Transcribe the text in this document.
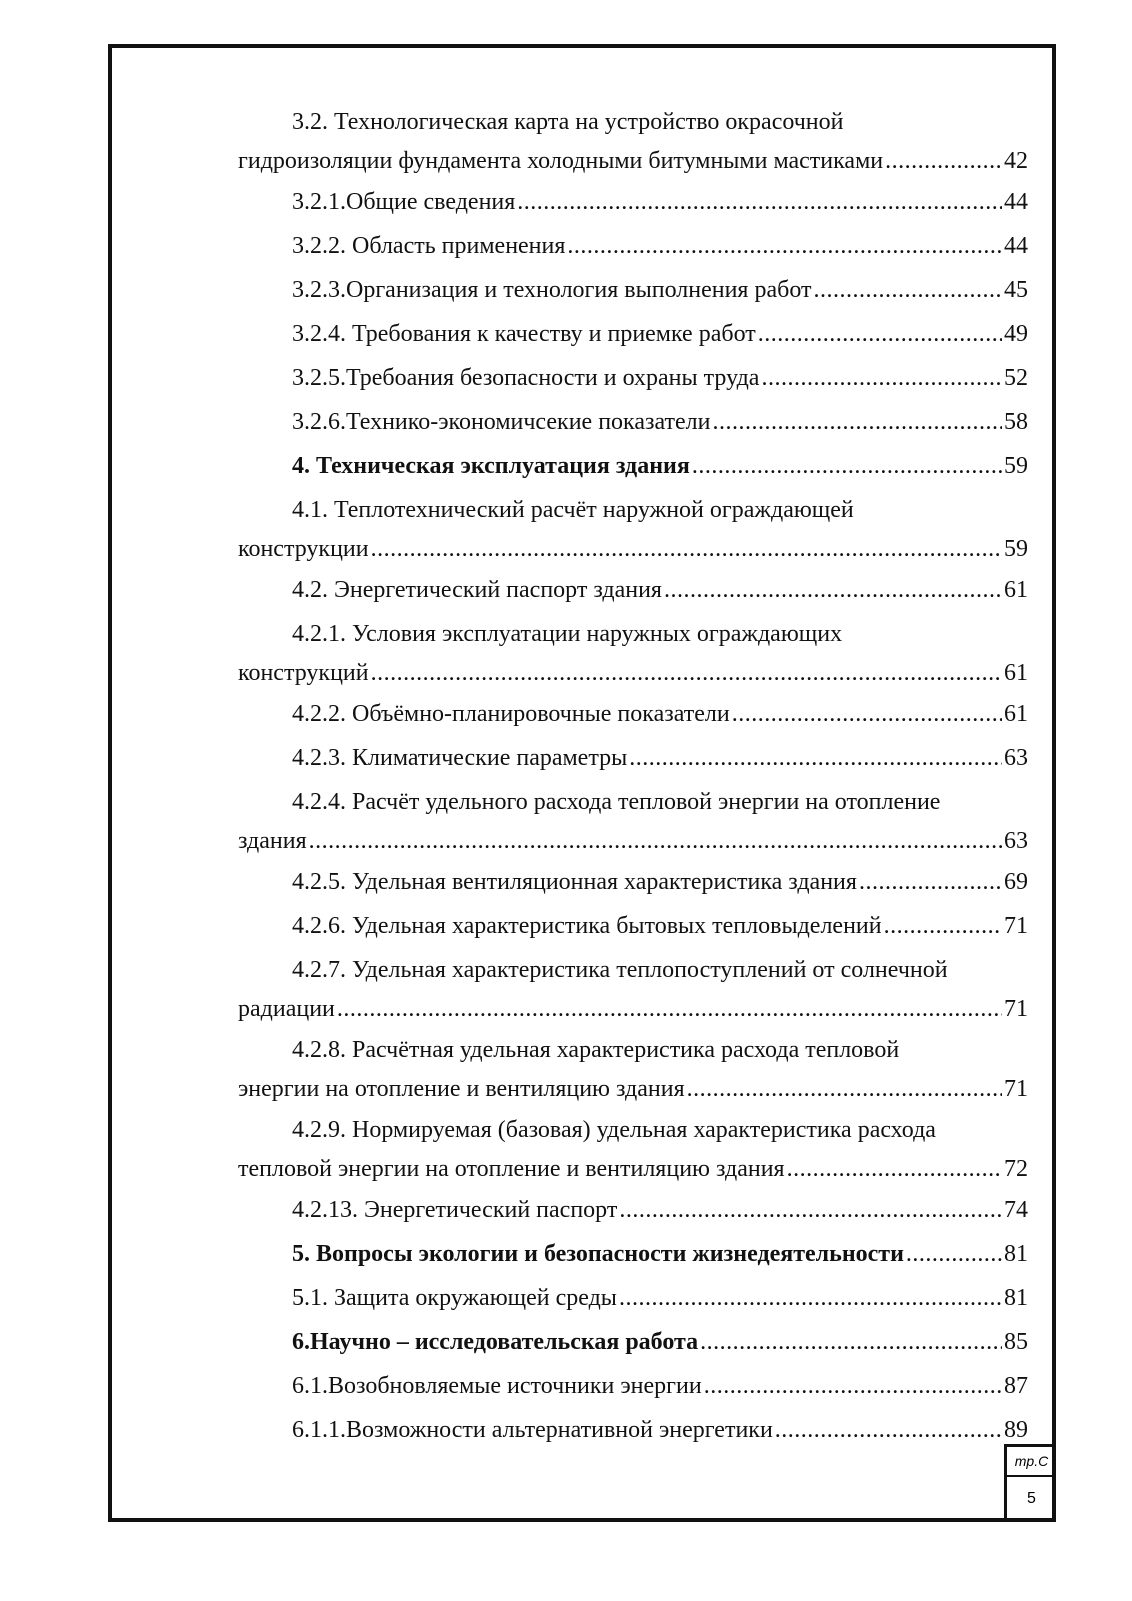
3.2. Технологическая карта на устройство окрасочной
гидроизоляции фундамента холодными битумными мастиками .....	42
3.2.1.Общие сведения .....	44
3.2.2. Область применения .....	44
3.2.3.Организация и технология выполнения работ .....	45
3.2.4. Требования к качеству и приемке работ .....	49
3.2.5.Требоания безопасности и охраны труда .....	52
3.2.6.Технико-экономичсекие показатели .....	58
4. Техническая эксплуатация здания .....	59
4.1. Теплотехнический расчёт наружной ограждающей
конструкции .....	59
4.2. Энергетический паспорт здания .....	61
4.2.1. Условия эксплуатации наружных ограждающих
конструкций .....	61
4.2.2. Объёмно-планировочные показатели .....	61
4.2.3. Климатические параметры .....	63
4.2.4. Расчёт удельного расхода тепловой энергии на отопление
здания .....	63
4.2.5. Удельная вентиляционная характеристика здания .....	69
4.2.6. Удельная характеристика бытовых тепловыделений .....	71
4.2.7. Удельная характеристика теплопоступлений от солнечной
радиации .....	71
4.2.8. Расчётная удельная характеристика расхода тепловой
энергии на отопление и вентиляцию здания .....	71
4.2.9. Нормируемая (базовая) удельная характеристика расхода
тепловой энергии на отопление и вентиляцию здания .....	72
4.2.13. Энергетический паспорт .....	74
5. Вопросы экологии и безопасности жизнедеятельности .....	81
5.1. Защита окружающей среды .....	81
6.Научно – исследовательская работа .....	85
6.1.Возобновляемые источники энергии .....	87
6.1.1.Возможности альтернативной энергетики .....	89
mp.C
5
